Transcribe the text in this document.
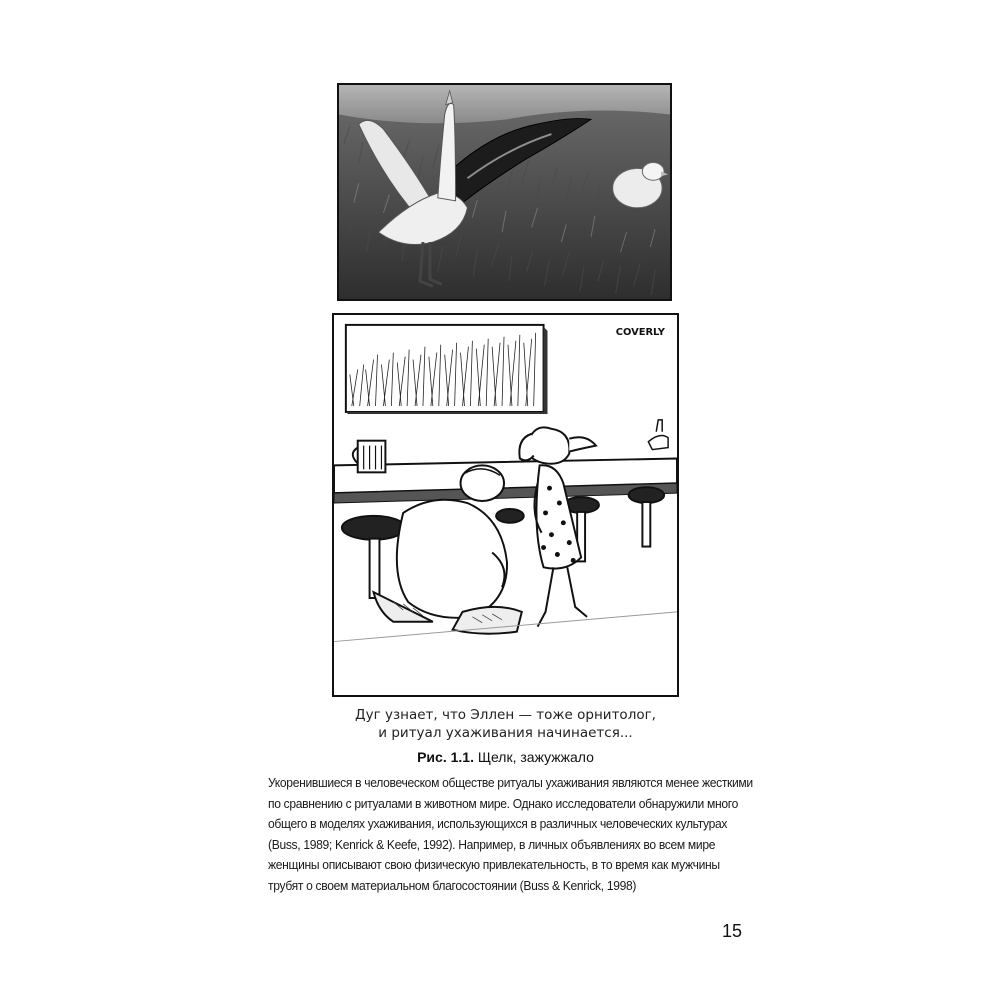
COVERLY
Дуг узнает, что Эллен — тоже орнитолог,
и ритуал ухаживания начинается...
Рис. 1.1. Щелк, зажужжало
Укоренившиеся в человеческом обществе ритуалы ухаживания являются менее жесткими
по сравнению с ритуалами в животном мире. Однако исследователи обнаружили много
общего в моделях ухаживания, использующихся в различных человеческих культурах
(Buss, 1989; Kenrick & Keefe, 1992). Например, в личных объявлениях во всем мире
женщины описывают свою физическую привлекательность, в то время как мужчины
трубят о своем материальном благосостоянии (Buss & Kenrick, 1998)
15
